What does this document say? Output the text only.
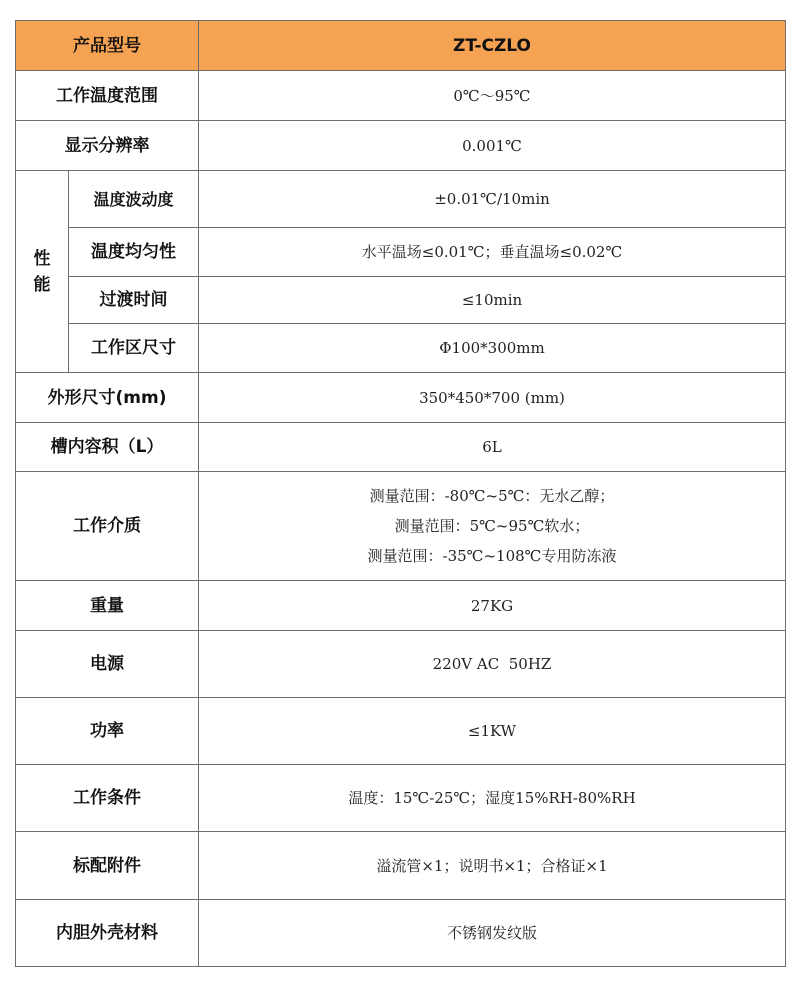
产品型号		ZT-CZLO
工作温度范围		0℃～95℃
显示分辨率		0.001℃
性能	温度波动度	±0.01℃/10min
	温度均匀性	水平温场≤0.01℃；垂直温场≤0.02℃
	过渡时间	≤10min
	工作区尺寸	Φ100*300mm
外形尺寸(mm)		350*450*700 (mm)
槽内容积（L）		6L
工作介质		测量范围：-80℃~5℃：无水乙醇；
测量范围：5℃~95℃软水；
测量范围：-35℃~108℃专用防冻液

重量		27KG
电源		220V AC  50HZ
功率		≤1KW
工作条件		温度：15℃-25℃；湿度15%RH-80%RH
标配附件		溢流管×1；说明书×1；合格证×1
内胆外壳材料		不锈钢发纹版
